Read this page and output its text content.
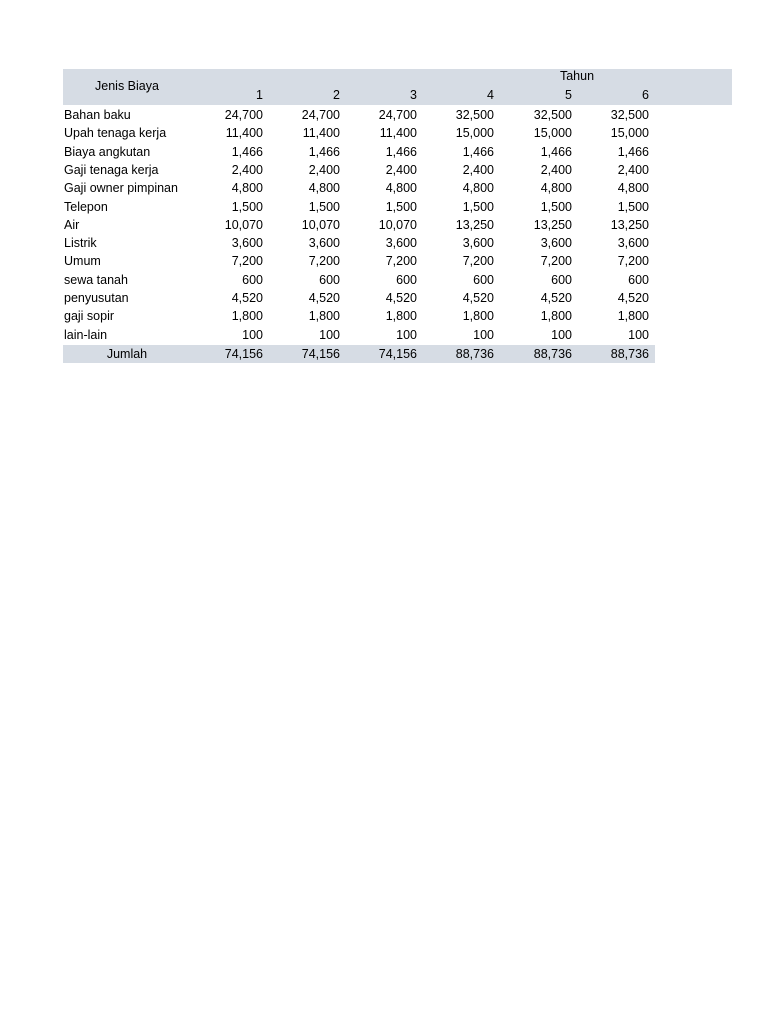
Jenis Biaya
Tahun
1	2	3	4	5	6
Bahan baku	24,700	24,700	24,700	32,500	32,500	32,500
Upah tenaga kerja	11,400	11,400	11,400	15,000	15,000	15,000
Biaya angkutan	1,466	1,466	1,466	1,466	1,466	1,466
Gaji tenaga kerja	2,400	2,400	2,400	2,400	2,400	2,400
Gaji owner pimpinan	4,800	4,800	4,800	4,800	4,800	4,800
Telepon	1,500	1,500	1,500	1,500	1,500	1,500
Air	10,070	10,070	10,070	13,250	13,250	13,250
Listrik	3,600	3,600	3,600	3,600	3,600	3,600
Umum	7,200	7,200	7,200	7,200	7,200	7,200
sewa tanah	600	600	600	600	600	600
penyusutan	4,520	4,520	4,520	4,520	4,520	4,520
gaji sopir	1,800	1,800	1,800	1,800	1,800	1,800
lain-lain	100	100	100	100	100	100
Jumlah	74,156	74,156	74,156	88,736	88,736	88,736
